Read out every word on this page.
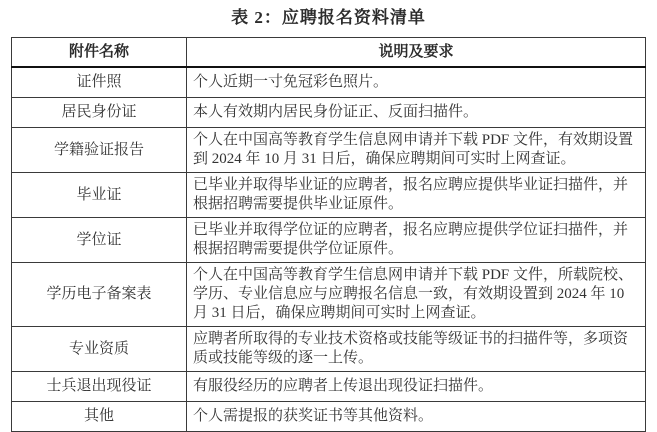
表 2：应聘报名资料清单
附件名称	说明及要求
证件照	个人近期一寸免冠彩色照片。
居民身份证	本人有效期内居民身份证正、反面扫描件。
学籍验证报告	个人在中国高等教育学生信息网申请并下载 PDF 文件，有效期设置到 2024 年 10 月 31 日后，确保应聘期间可实时上网查证。
毕业证	已毕业并取得毕业证的应聘者，报名应聘应提供毕业证扫描件，并根据招聘需要提供毕业证原件。
学位证	已毕业并取得学位证的应聘者，报名应聘应提供学位证扫描件，并根据招聘需要提供学位证原件。
学历电子备案表	个人在中国高等教育学生信息网申请并下载 PDF 文件，所载院校、学历、专业信息应与应聘报名信息一致，有效期设置到 2024 年 10 月 31 日后，确保应聘期间可实时上网查证。
专业资质	应聘者所取得的专业技术资格或技能等级证书的扫描件等，多项资质或技能等级的逐一上传。
士兵退出现役证	有服役经历的应聘者上传退出现役证扫描件。
其他	个人需提报的获奖证书等其他资料。
